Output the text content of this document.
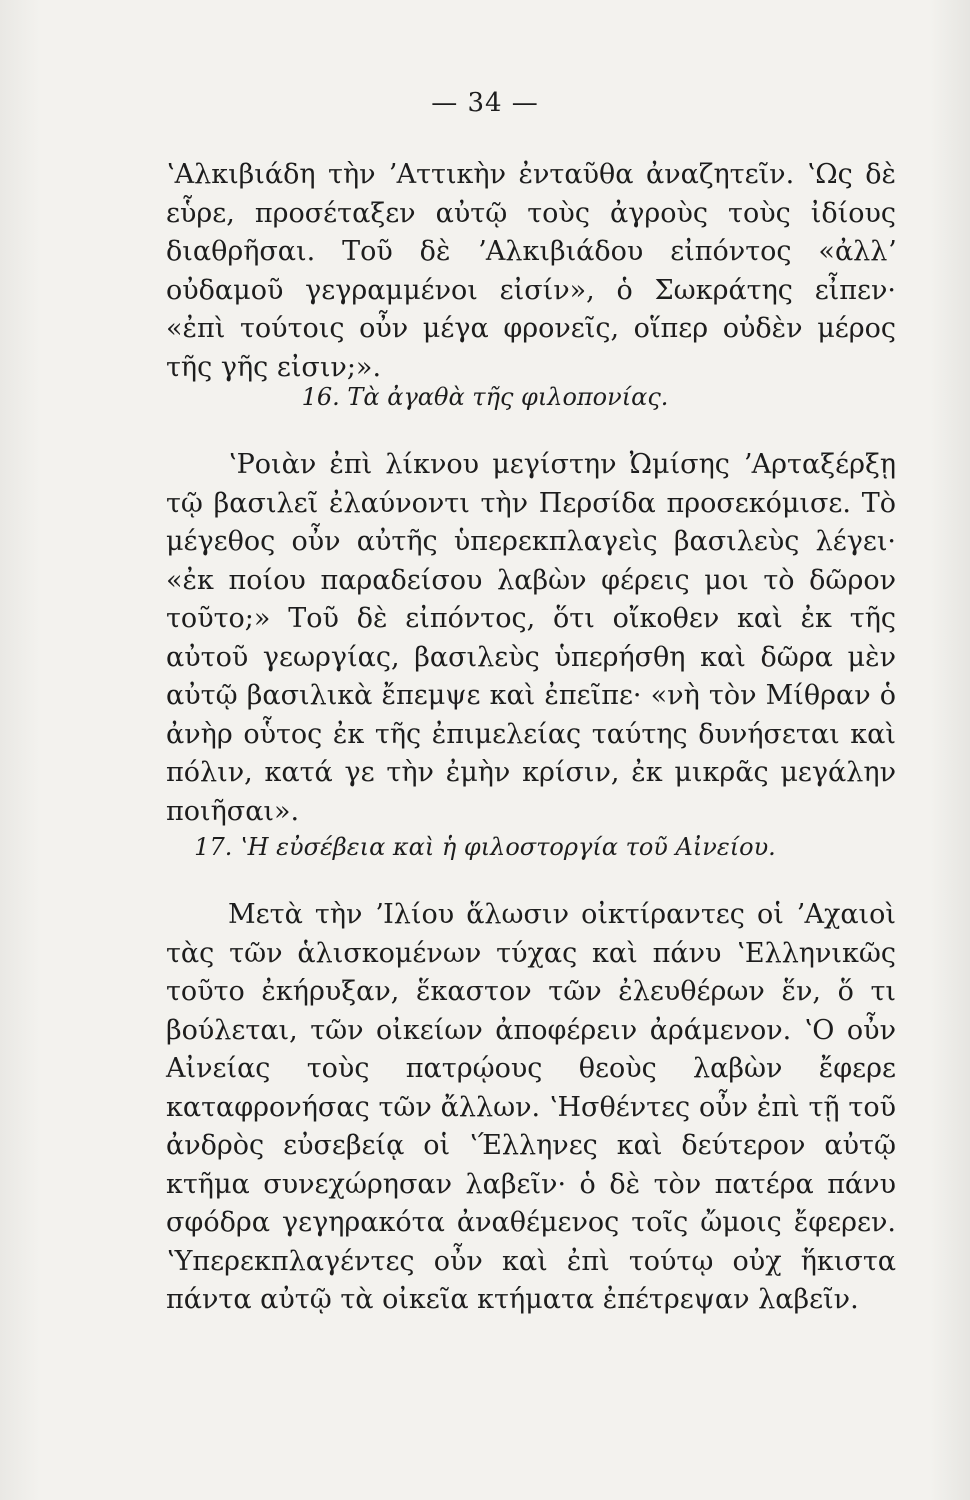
— 34 —

ʽΑλκιβιάδη τὴν ʼΑττικὴν ἐνταῦθα ἀναζητεῖν. ʽΩς δὲ εὗρε, προσέταξεν αὐτῷ τοὺς ἀγροὺς τοὺς ἰδίους διαθρῆσαι. Τοῦ δὲ ʼΑλκιβιάδου εἰπόντος «ἀλλʼ οὐδαμοῦ γεγραμμένοι εἰσίν», ὁ Σωκράτης εἶπεν· «ἐπὶ τούτοις οὖν μέγα φρονεῖς, οἵπερ οὐδὲν μέρος τῆς γῆς εἰσιν;».

16. Τὰ ἀγαθὰ τῆς φιλοπονίας.

ʽΡοιὰν ἐπὶ λίκνου μεγίστην Ὠμίσης ʼΑρταξέρξῃ τῷ βασιλεῖ ἐλαύνοντι τὴν Περσίδα προσεκόμισε. Τὸ μέγεθος οὖν αὐτῆς ὑπερεκπλαγεὶς βασιλεὺς λέγει· «ἐκ ποίου παραδείσου λαβὼν φέρεις μοι τὸ δῶρον τοῦτο;» Τοῦ δὲ εἰπόντος, ὅτι οἴκοθεν καὶ ἐκ τῆς αὐτοῦ γεωργίας, βασιλεὺς ὑπερήσθη καὶ δῶρα μὲν αὐτῷ βασιλικὰ ἔπεμψε καὶ ἐπεῖπε· «νὴ τὸν Μίθραν ὁ ἀνὴρ οὗτος ἐκ τῆς ἐπιμελείας ταύτης δυνήσεται καὶ πόλιν, κατά γε τὴν ἐμὴν κρίσιν, ἐκ μικρᾶς μεγάλην ποιῆσαι».

17. ʽΗ εὐσέβεια καὶ ἡ φιλοστοργία τοῦ Αἰνείου.

Μετὰ τὴν ʼΙλίου ἅλωσιν οἰκτίραντες οἱ ʼΑχαιοὶ τὰς τῶν ἁλισκομένων τύχας καὶ πάνυ ʽΕλληνικῶς τοῦτο ἐκήρυξαν, ἕκαστον τῶν ἐλευθέρων ἕν, ὅ τι βούλεται, τῶν οἰκείων ἀποφέρειν ἀράμενον. ʽΟ οὖν Αἰνείας τοὺς πατρῴους θεοὺς λαβὼν ἔφερε καταφρονήσας τῶν ἄλλων. ʽΗσθέντες οὖν ἐπὶ τῇ τοῦ ἀνδρὸς εὐσεβείᾳ οἱ ʽΈλληνες καὶ δεύτερον αὐτῷ κτῆμα συνεχώρησαν λαβεῖν· ὁ δὲ τὸν πατέρα πάνυ σφόδρα γεγηρακότα ἀναθέμενος τοῖς ὤμοις ἔφερεν. ʽΥπερεκπλαγέντες οὖν καὶ ἐπὶ τούτῳ οὐχ ἥκιστα πάντα αὐτῷ τὰ οἰκεῖα κτήματα ἐπέτρεψαν λαβεῖν.
